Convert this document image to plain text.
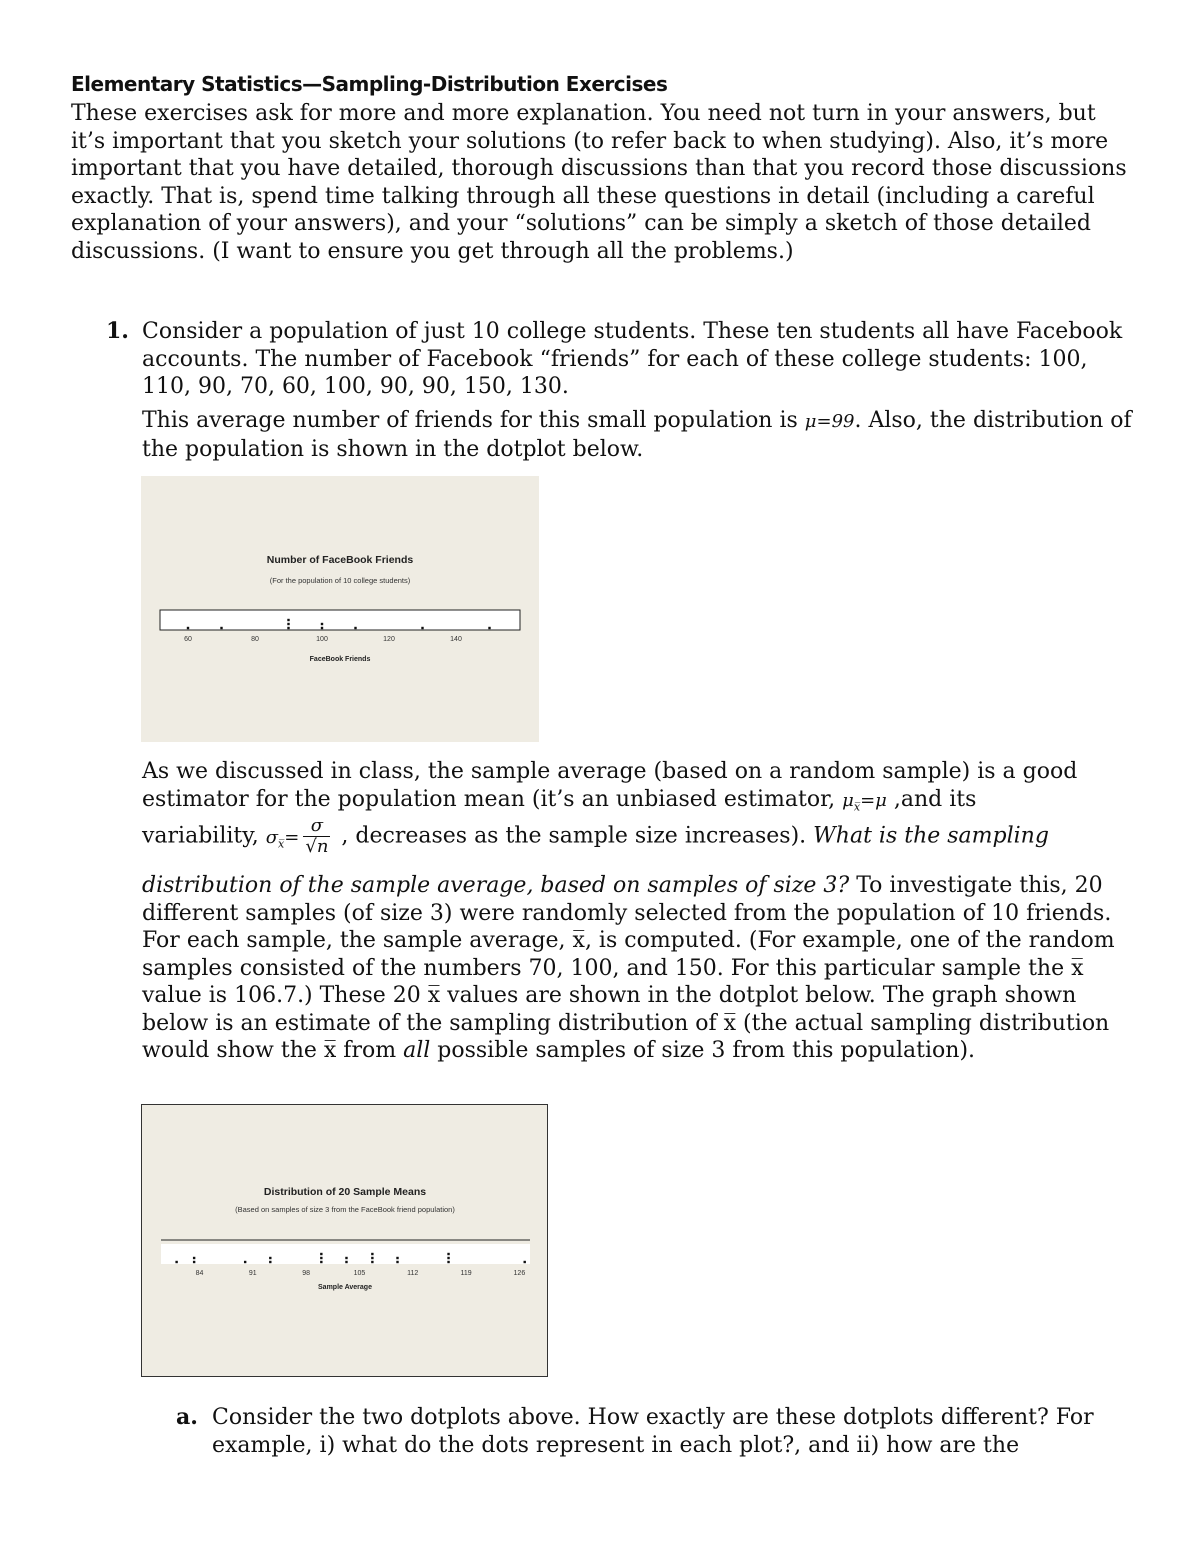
Elementary Statistics—Sampling-Distribution Exercises

These exercises ask for more and more explanation. You need not turn in your answers, but it’s important that you sketch your solutions (to refer back to when studying). Also, it’s more important that you have detailed, thorough discussions than that you record those discussions exactly. That is, spend time talking through all these questions in detail (including a careful explanation of your answers), and your “solutions” can be simply a sketch of those detailed discussions. (I want to ensure you get through all the problems.)

1. Consider a population of just 10 college students. These ten students all have Facebook accounts. The number of Facebook “friends” for each of these college students: 100, 110, 90, 70, 60, 100, 90, 90, 150, 130.

This average number of friends for this small population is μ=99. Also, the distribution of the population is shown in the dotplot below.

Number of FaceBook Friends
(For the population of 10 college students)
FaceBook Friends
60	80	100	120	140

As we discussed in class, the sample average (based on a random sample) is a good estimator for the population mean (it’s an unbiased estimator, $\mu_{x̅}=\mu$ ,and its

variability, $\sigma_{x̅}= \frac{\sigma}{√n}$ , decreases as the sample size increases). What is the sampling

distribution of the sample average, based on samples of size 3? To investigate this, 20 different samples (of size 3) were randomly selected from the population of 10 friends. For each sample, the sample average, x̅, is computed. (For example, one of the random samples consisted of the numbers 70, 100, and 150. For this particular sample the x̅ value is 106.7.) These 20 x̅ values are shown in the dotplot below. The graph shown below is an estimate of the sampling distribution of x̅ (the actual sampling distribution would show the x̅ from all possible samples of size 3 from this population).

Distribution of 20 Sample Means
(Based on samples of size 3 from the FaceBook friend population)
Sample Average
84	91	98	105	112	119	126
a. Consider the two dotplots above. How exactly are these dotplots different? For example, i) what do the dots represent in each plot?, and ii) how are the
